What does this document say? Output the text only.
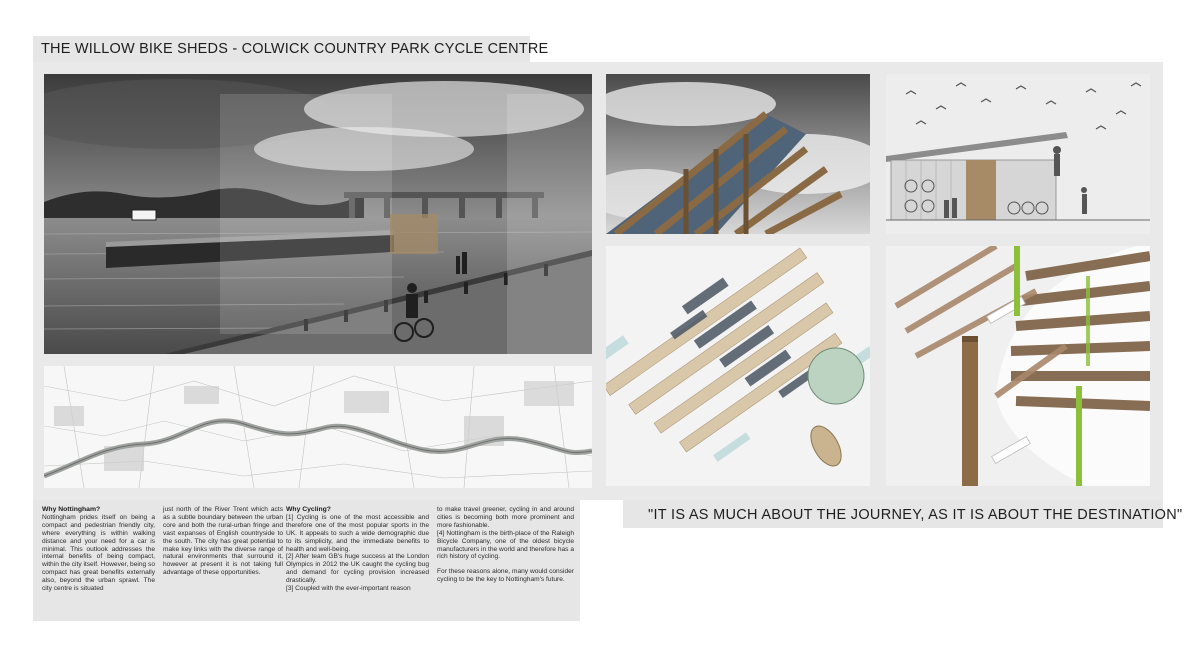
THE WILLOW BIKE SHEDS - COLWICK COUNTRY PARK CYCLE CENTRE
Why Nottingham?

Nottingham prides itself on being a compact and pedestrian friendly city, where everything is within walking distance and your need for a car is minimal. This outlook addresses the internal benefits of being compact, within the city itself. However, being so compact has great benefits externally also, beyond the urban sprawl. The city centre is situated

just north of the River Trent which acts as a subtle boundary between the urban core and both the rural-urban fringe and vast expanses of English countryside to the south. The city has great potential to make key links with the diverse range of natural environments that surround it, however at present it is not taking full advantage of these opportunities.

Why Cycling?

[1] Cycling is one of the most accessible and therefore one of the most popular sports in the UK. It appeals to such a wide demographic due to its simplicity, and the immediate benefits to health and well-being.

[2] After team GB's huge success at the London Olympics in 2012 the UK caught the cycling bug and demand for cycling provision increased drastically.

[3] Coupled with the ever-important reason

to make travel greener, cycling in and around cities is becoming both more prominent and more fashionable.

[4] Nottingham is the birth-place of the Raleigh Bicycle Company, one of the oldest bicycle manufacturers in the world and therefore has a rich history of cycling.

For these reasons alone, many would consider cycling to be the key to Nottingham's future.

"IT IS AS MUCH ABOUT THE JOURNEY, AS IT IS ABOUT THE DESTINATION"
